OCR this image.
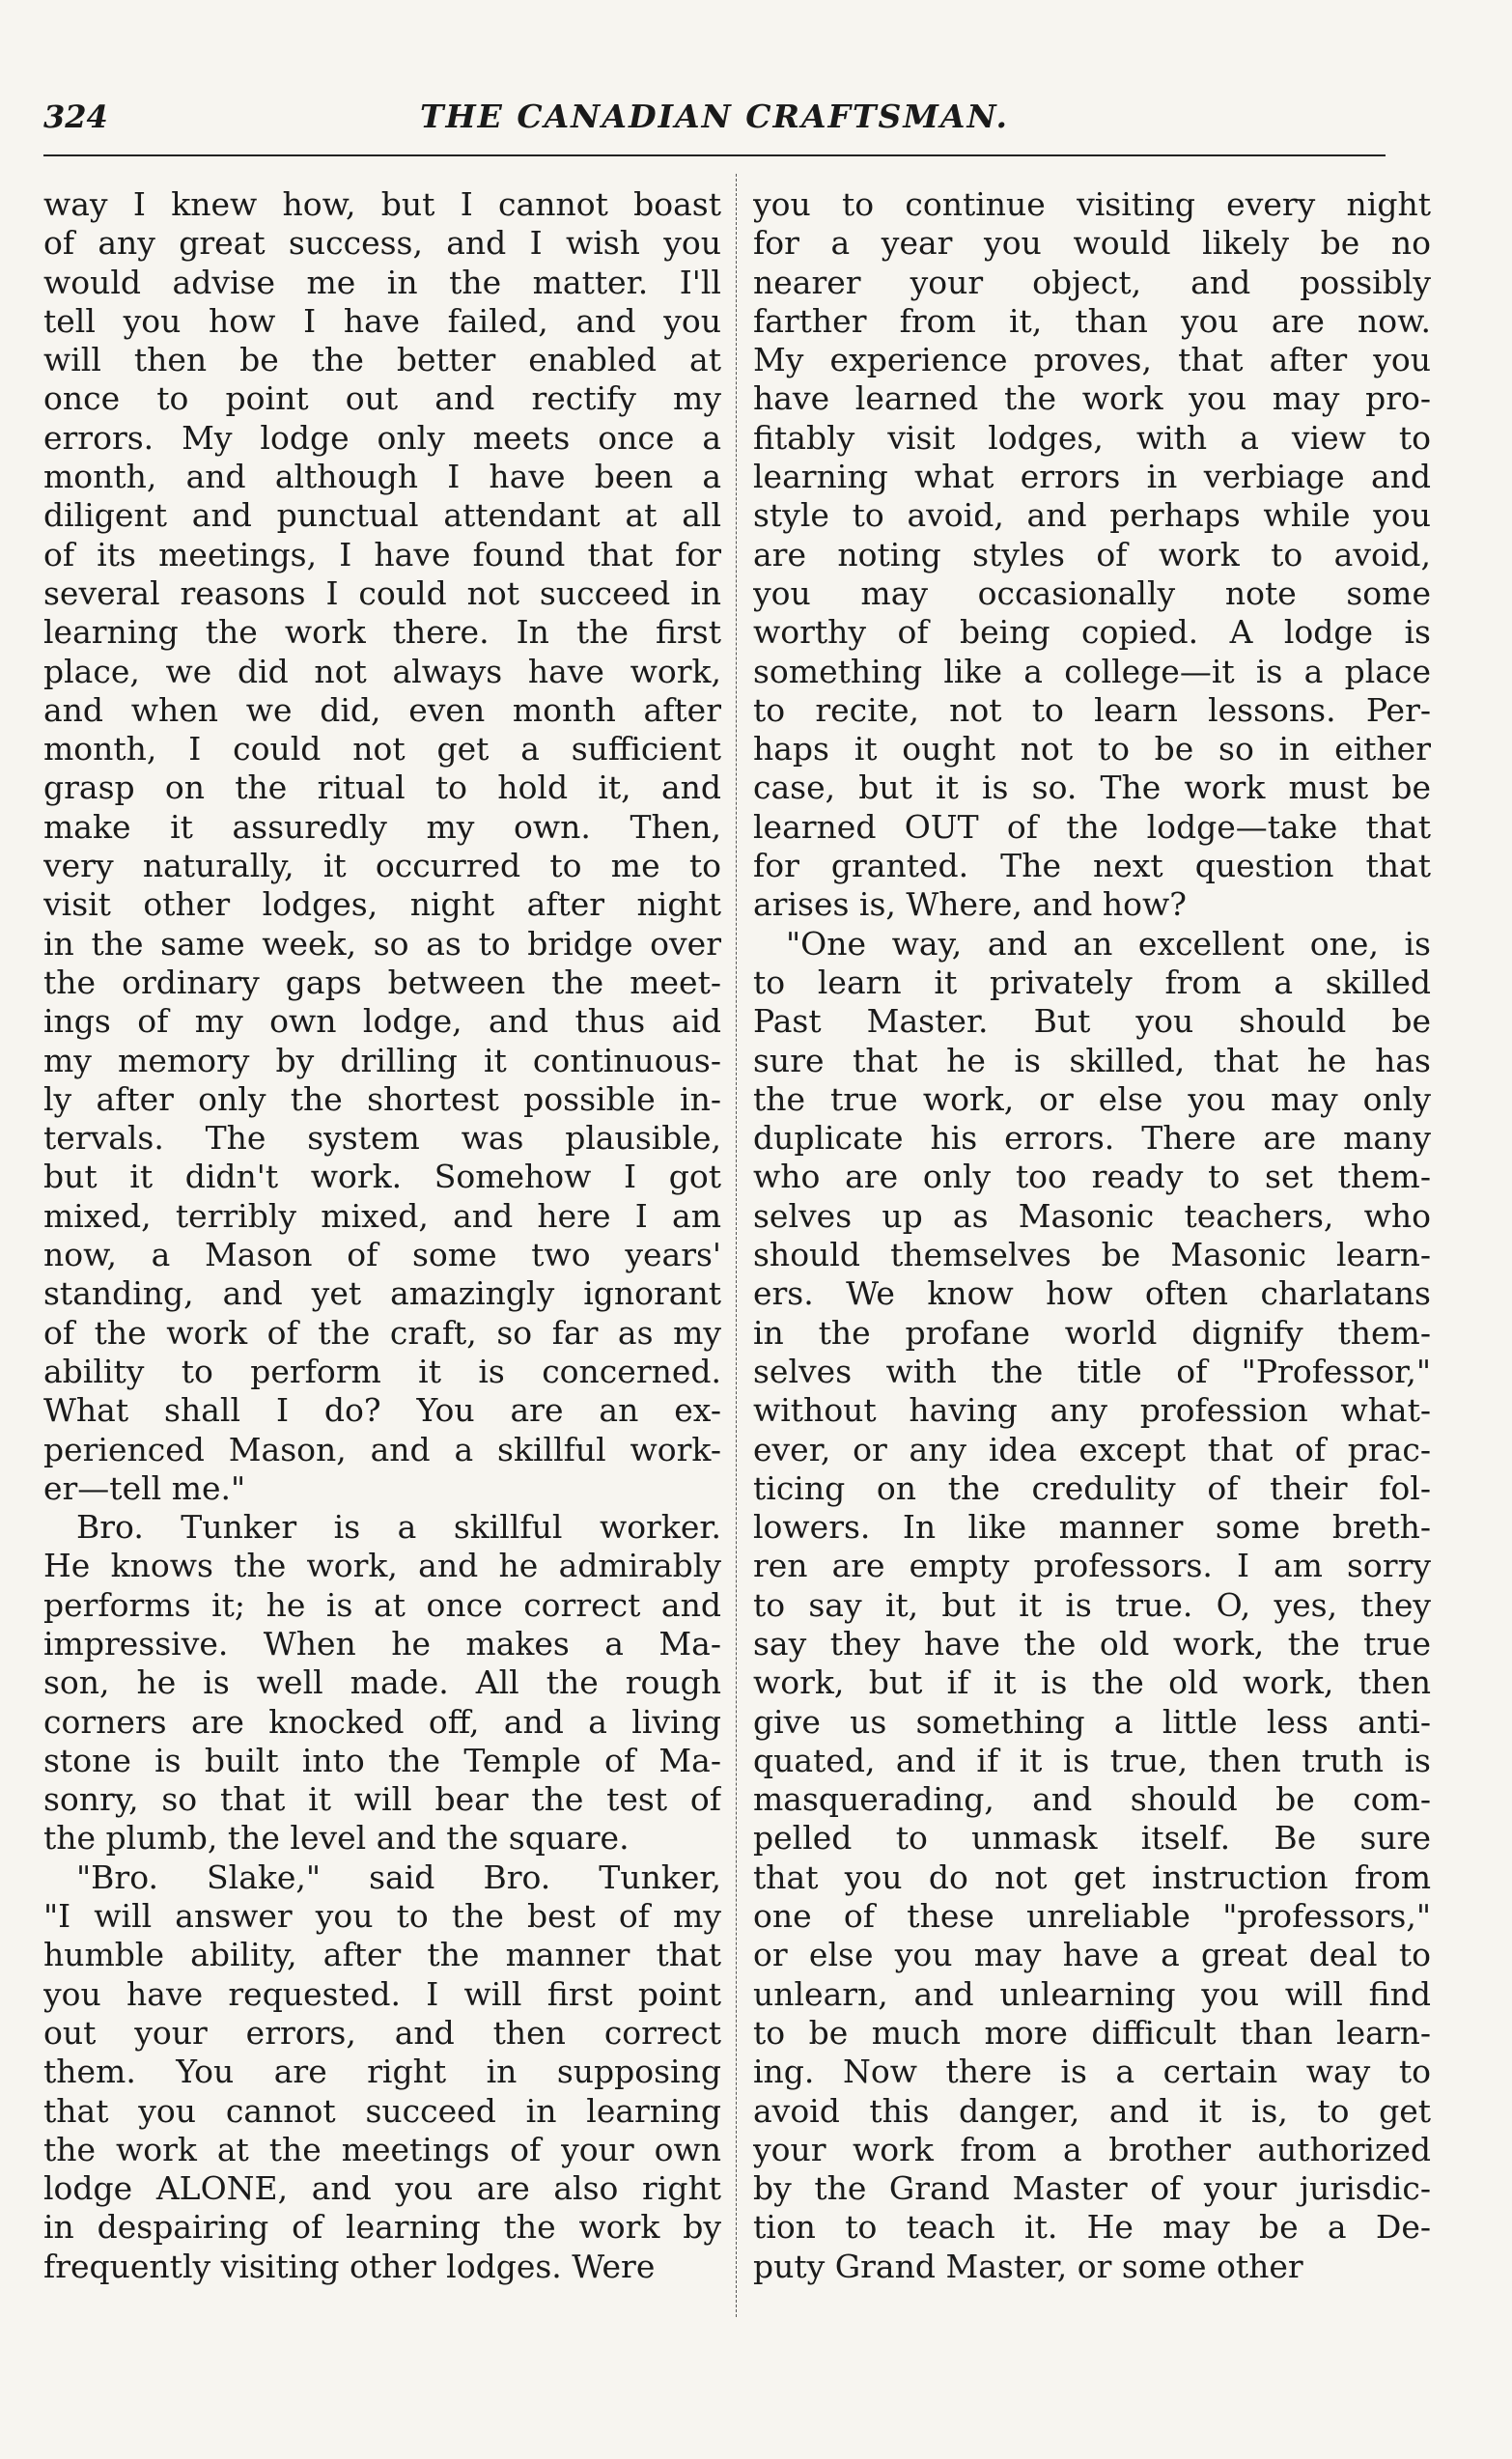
324	THE CANADIAN CRAFTSMAN.
way I knew how, but I cannot boast
of any great success, and I wish you
would advise me in the matter. I'll
tell you how I have failed, and you
will then be the better enabled at
once to point out and rectify my
errors. My lodge only meets once a
month, and although I have been a
diligent and punctual attendant at all
of its meetings, I have found that for
several reasons I could not succeed in
learning the work there. In the first
place, we did not always have work,
and when we did, even month after
month, I could not get a sufficient
grasp on the ritual to hold it, and
make it assuredly my own. Then,
very naturally, it occurred to me to
visit other lodges, night after night
in the same week, so as to bridge over
the ordinary gaps between the meet-
ings of my own lodge, and thus aid
my memory by drilling it continuous-
ly after only the shortest possible in-
tervals. The system was plausible,
but it didn't work. Somehow I got
mixed, terribly mixed, and here I am
now, a Mason of some two years'
standing, and yet amazingly ignorant
of the work of the craft, so far as my
ability to perform it is concerned.
What shall I do? You are an ex-
perienced Mason, and a skillful work-
er—tell me."
Bro. Tunker is a skillful worker.
He knows the work, and he admirably
performs it; he is at once correct and
impressive. When he makes a Ma-
son, he is well made. All the rough
corners are knocked off, and a living
stone is built into the Temple of Ma-
sonry, so that it will bear the test of
the plumb, the level and the square.
"Bro. Slake," said Bro. Tunker,
"I will answer you to the best of my
humble ability, after the manner that
you have requested. I will first point
out your errors, and then correct
them. You are right in supposing
that you cannot succeed in learning
the work at the meetings of your own
lodge ALONE, and you are also right
in despairing of learning the work by
frequently visiting other lodges. Were
you to continue visiting every night
for a year you would likely be no
nearer your object, and possibly
farther from it, than you are now.
My experience proves, that after you
have learned the work you may pro-
fitably visit lodges, with a view to
learning what errors in verbiage and
style to avoid, and perhaps while you
are noting styles of work to avoid,
you may occasionally note some
worthy of being copied. A lodge is
something like a college—it is a place
to recite, not to learn lessons. Per-
haps it ought not to be so in either
case, but it is so. The work must be
learned OUT of the lodge—take that
for granted. The next question that
arises is, Where, and how?
"One way, and an excellent one, is
to learn it privately from a skilled
Past Master. But you should be
sure that he is skilled, that he has
the true work, or else you may only
duplicate his errors. There are many
who are only too ready to set them-
selves up as Masonic teachers, who
should themselves be Masonic learn-
ers. We know how often charlatans
in the profane world dignify them-
selves with the title of "Professor,"
without having any profession what-
ever, or any idea except that of prac-
ticing on the credulity of their fol-
lowers. In like manner some breth-
ren are empty professors. I am sorry
to say it, but it is true. O, yes, they
say they have the old work, the true
work, but if it is the old work, then
give us something a little less anti-
quated, and if it is true, then truth is
masquerading, and should be com-
pelled to unmask itself. Be sure
that you do not get instruction from
one of these unreliable "professors,"
or else you may have a great deal to
unlearn, and unlearning you will find
to be much more difficult than learn-
ing. Now there is a certain way to
avoid this danger, and it is, to get
your work from a brother authorized
by the Grand Master of your jurisdic-
tion to teach it. He may be a De-
puty Grand Master, or some other
